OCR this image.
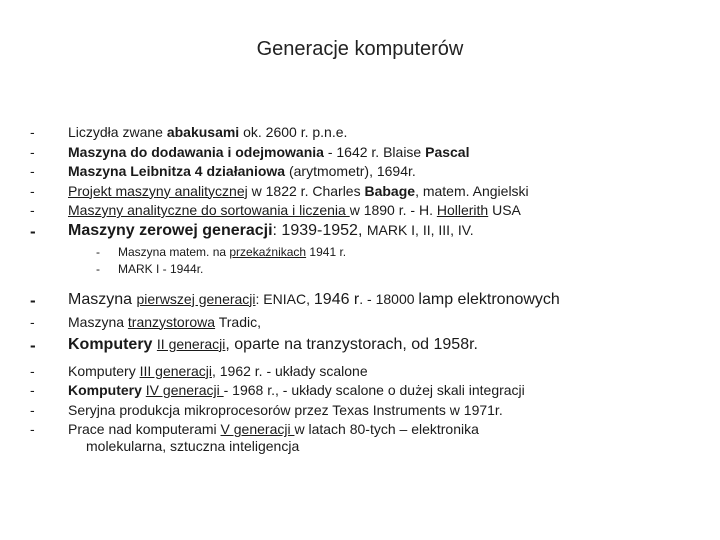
Generacje komputerów
- Liczydła zwane abakusami ok. 2600 r. p.n.e.
- Maszyna do dodawania i odejmowania - 1642 r. Blaise Pascal
- Maszyna Leibnitza 4 działaniowa (arytmometr), 1694r.
- Projekt maszyny analitycznej w 1822 r. Charles Babage, matem. Angielski
- Maszyny analityczne do sortowania i liczenia w 1890 r. - H. Hollerith USA
- Maszyny zerowej generacji: 1939-1952, MARK I, II, III, IV.
- Maszyna matem. na przekaźnikach 1941 r.
- MARK I - 1944r.
- Maszyna pierwszej generacji: ENIAC, 1946 r. - 18000 lamp elektronowych
- Maszyna tranzystorowa Tradic,
- Komputery II generacji, oparte na tranzystorach, od 1958r.
- Komputery III generacji, 1962 r. - układy scalone
- Komputery IV generacji - 1968 r., - układy scalone o dużej skali integracji
- Seryjna produkcja mikroprocesorów przez Texas Instruments w 1971r.
-	Prace nad komputerami V generacji w latach 80-tych – elektronika
molekularna, sztuczna inteligencja
